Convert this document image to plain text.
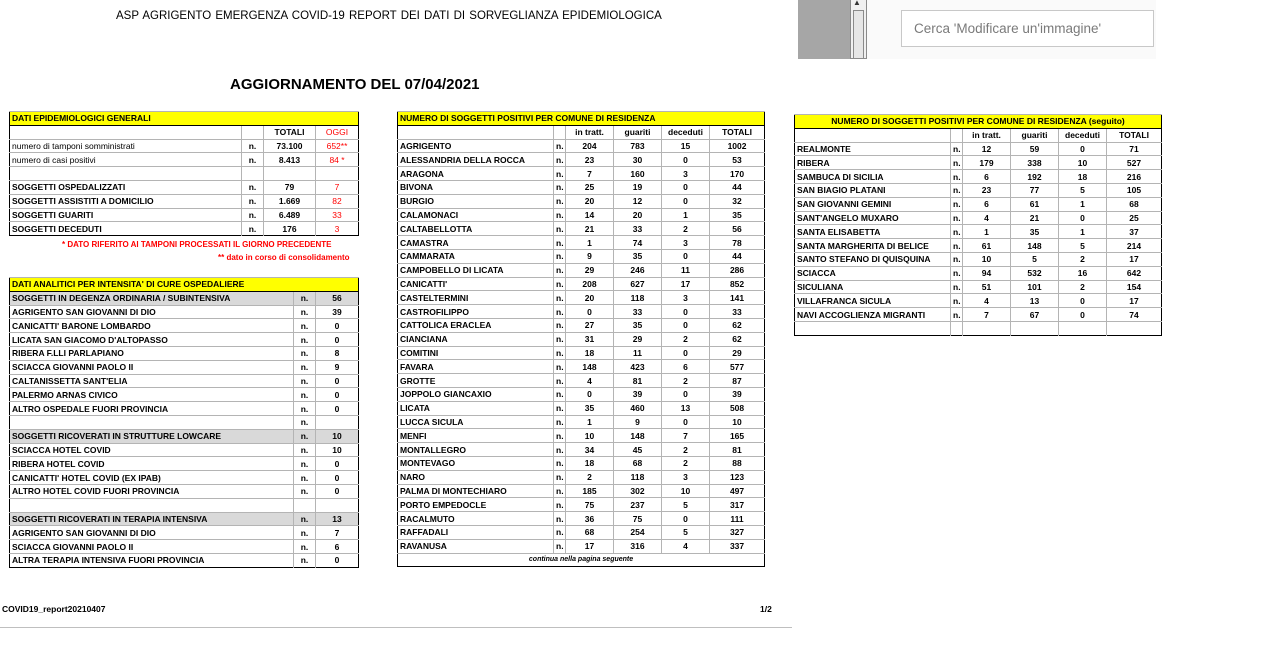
ASP AGRIGENTO EMERGENZA COVID-19 REPORT DEI DATI DI SORVEGLIANZA EPIDEMIOLOGICA
AGGIORNAMENTO DEL 07/04/2021
▲
Cerca 'Modificare un'immagine'
DATI EPIDEMIOLOGICI GENERALI			
		TOTALI	OGGI
numero di tamponi somministrati	n.	73.100	652**
numero di casi positivi	n.	8.413	84 *

SOGGETTI OSPEDALIZZATI	n.	79	7
SOGGETTI ASSISTITI A DOMICILIO	n.	1.669	82
SOGGETTI GUARITI	n.	6.489	33
SOGGETTI DECEDUTI	n.	176	3
* DATO RIFERITO AI TAMPONI PROCESSATI IL GIORNO PRECEDENTE
** dato in corso di consolidamento
DATI ANALITICI PER INTENSITA' DI CURE OSPEDALIERE		
SOGGETTI IN DEGENZA ORDINARIA / SUBINTENSIVA	n.	56
AGRIGENTO SAN GIOVANNI DI DIO	n.	39
CANICATTI' BARONE LOMBARDO	n.	0
LICATA SAN GIACOMO D'ALTOPASSO	n.	0
RIBERA F.LLI PARLAPIANO	n.	8
SCIACCA GIOVANNI PAOLO II	n.	9
CALTANISSETTA SANT'ELIA	n.	0
PALERMO ARNAS CIVICO	n.	0
ALTRO OSPEDALE FUORI PROVINCIA	n.	0
	n.	
SOGGETTI RICOVERATI IN STRUTTURE LOWCARE	n.	10
SCIACCA HOTEL COVID	n.	10
RIBERA HOTEL COVID	n.	0
CANICATTI' HOTEL COVID (EX IPAB)	n.	0
ALTRO HOTEL COVID FUORI PROVINCIA	n.	0

SOGGETTI RICOVERATI IN TERAPIA INTENSIVA	n.	13
AGRIGENTO SAN GIOVANNI DI DIO	n.	7
SCIACCA GIOVANNI PAOLO II	n.	6
ALTRA TERAPIA INTENSIVA FUORI PROVINCIA	n.	0
NUMERO DI SOGGETTI POSITIVI PER COMUNE DI RESIDENZA					
		in tratt.	guariti	deceduti	TOTALI
AGRIGENTO	n.	204	783	15	1002
ALESSANDRIA DELLA ROCCA	n.	23	30	0	53
ARAGONA	n.	7	160	3	170
BIVONA	n.	25	19	0	44
BURGIO	n.	20	12	0	32
CALAMONACI	n.	14	20	1	35
CALTABELLOTTA	n.	21	33	2	56
CAMASTRA	n.	1	74	3	78
CAMMARATA	n.	9	35	0	44
CAMPOBELLO DI LICATA	n.	29	246	11	286
CANICATTI'	n.	208	627	17	852
CASTELTERMINI	n.	20	118	3	141
CASTROFILIPPO	n.	0	33	0	33
CATTOLICA ERACLEA	n.	27	35	0	62
CIANCIANA	n.	31	29	2	62
COMITINI	n.	18	11	0	29
FAVARA	n.	148	423	6	577
GROTTE	n.	4	81	2	87
JOPPOLO GIANCAXIO	n.	0	39	0	39
LICATA	n.	35	460	13	508
LUCCA SICULA	n.	1	9	0	10
MENFI	n.	10	148	7	165
MONTALLEGRO	n.	34	45	2	81
MONTEVAGO	n.	18	68	2	88
NARO	n.	2	118	3	123
PALMA DI MONTECHIARO	n.	185	302	10	497
PORTO EMPEDOCLE	n.	75	237	5	317
RACALMUTO	n.	36	75	0	111
RAFFADALI	n.	68	254	5	327
RAVANUSA	n.	17	316	4	337
continua nella pagina seguente					
NUMERO DI SOGGETTI POSITIVI PER COMUNE DI RESIDENZA (seguito)					
		in tratt.	guariti	deceduti	TOTALI
REALMONTE	n.	12	59	0	71
RIBERA	n.	179	338	10	527
SAMBUCA DI SICILIA	n.	6	192	18	216
SAN BIAGIO PLATANI	n.	23	77	5	105
SAN GIOVANNI GEMINI	n.	6	61	1	68
SANT'ANGELO MUXARO	n.	4	21	0	25
SANTA ELISABETTA	n.	1	35	1	37
SANTA MARGHERITA DI BELICE	n.	61	148	5	214
SANTO STEFANO DI QUISQUINA	n.	10	5	2	17
SCIACCA	n.	94	532	16	642
SICULIANA	n.	51	101	2	154
VILLAFRANCA SICULA	n.	4	13	0	17
NAVI ACCOGLIENZA MIGRANTI	n.	7	67	0	74

COVID19_report20210407	1/2
